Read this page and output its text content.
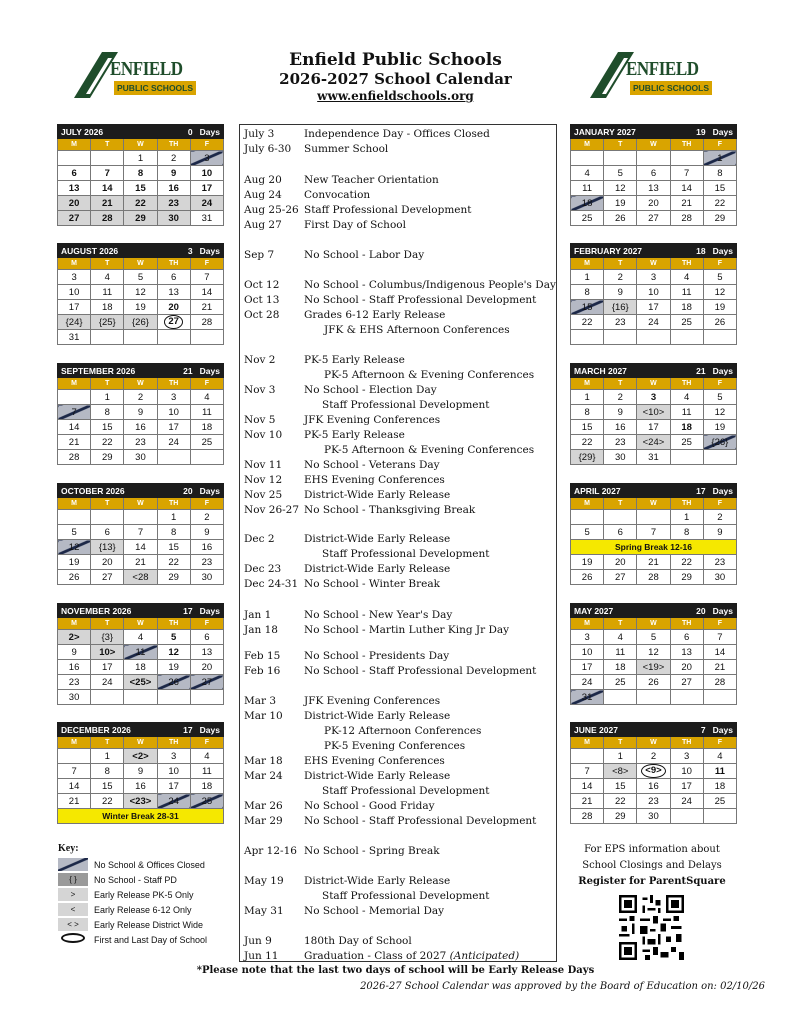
ENFIELD
PUBLIC SCHOOLS
ENFIELD
PUBLIC SCHOOLS
Enfield Public Schools
2026-2027 School Calendar
www.enfieldschools.org
JULY 2026 0   Days				

M	T	W	TH	F
		1	2	3
6	7	8	9	10
13	14	15	16	17
20	21	22	23	24
27	28	29	30	31
AUGUST 2026 3   Days				

M	T	W	TH	F
3	4	5	6	7
10	11	12	13	14
17	18	19	20	21
{24}	{25}	{26}	27	28
31				
SEPTEMBER 2026 21   Days				

M	T	W	TH	F
	1	2	3	4
7	8	9	10	11
14	15	16	17	18
21	22	23	24	25
28	29	30		
OCTOBER 2026 20   Days				

M	T	W	TH	F
			1	2
5	6	7	8	9
12	{13}	14	15	16
19	20	21	22	23
26	27	<28	29	30
NOVEMBER 2026 17   Days				

M	T	W	TH	F
2>	{3}	4	5	6
9	10>	11	12	13
16	17	18	19	20
23	24	<25>	26	27
30				
DECEMBER 2026 17   Days				

M	T	W	TH	F
	1	<2>	3	4
7	8	9	10	11
14	15	16	17	18
21	22	<23>	24	25
Winter Break 28-31				
JANUARY 2027 19   Days				

M	T	W	TH	F
				1
4	5	6	7	8
11	12	13	14	15
18	19	20	21	22
25	26	27	28	29
FEBRUARY 2027 18   Days				

M	T	W	TH	F
1	2	3	4	5
8	9	10	11	12
15	{16}	17	18	19
22	23	24	25	26

MARCH 2027 21   Days				

M	T	W	TH	F
1	2	3	4	5
8	9	<10>	11	12
15	16	17	18	19
22	23	<24>	25	{26}
{29}	30	31		
APRIL 2027 17   Days				

M	T	W	TH	F
			1	2
5	6	7	8	9
Spring Break 12-16				
19	20	21	22	23
26	27	28	29	30
MAY 2027 20   Days				

M	T	W	TH	F
3	4	5	6	7
10	11	12	13	14
17	18	<19>	20	21
24	25	26	27	28
31				
JUNE 2027 7   Days				

M	T	W	TH	F
	1	2	3	4
7	<8>	<9>	10	11
14	15	16	17	18
21	22	23	24	25
28	29	30		
July 3	Independence Day - Offices Closed
July 6-30 Summer School
Aug 20 New Teacher Orientation
Aug 24 Convocation
Aug 25-26 Staff Professional Development
Aug 27 First Day of School
Sep 7	No School - Labor Day
Oct 12 No School - Columbus/Indigenous People's Day
Oct 13 No School - Staff Professional Development
Oct 28 Grades 6-12 Early Release
JFK & EHS Afternoon Conferences
Nov 2	PK-5 Early Release
PK-5 Afternoon & Evening Conferences
Nov 3	No School - Election Day
Staff Professional Development
Nov 5	JFK Evening Conferences
Nov 10 PK-5 Early Release
PK-5 Afternoon & Evening Conferences
Nov 11 No School - Veterans Day
Nov 12 EHS Evening Conferences
Nov 25 District-Wide Early Release
Nov 26-27 No School - Thanksgiving Break
Dec 2	District-Wide Early Release
Staff Professional Development
Dec 23 District-Wide Early Release
Dec 24-31 No School - Winter Break
Jan 1	No School - New Year's Day
Jan 18 No School - Martin Luther King Jr Day
Feb 15 No School - Presidents Day
Feb 16 No School - Staff Professional Development
Mar 3	JFK Evening Conferences
Mar 10 District-Wide Early Release
PK-12 Afternoon Conferences
PK-5 Evening Conferences
Mar 18 EHS Evening Conferences
Mar 24 District-Wide Early Release
Staff Professional Development
Mar 26 No School - Good Friday
Mar 29 No School - Staff Professional Development
Apr 12-16 No School - Spring Break
May 19 District-Wide Early Release
Staff Professional Development
May 31 No School - Memorial Day
Jun 9	180th Day of School
Jun 11 Graduation - Class of 2027 (Anticipated)
Key:
No School & Offices Closed
{ }	No School - Staff PD
>	Early Release PK-5 Only
<	Early Release 6-12 Only
< >	Early Release District Wide
First and Last Day of School
For EPS information about
School Closings and Delays
Register for ParentSquare
*Please note that the last two days of school will be Early Release Days
2026-27 School Calendar was approved by the Board of Education on: 02/10/26
